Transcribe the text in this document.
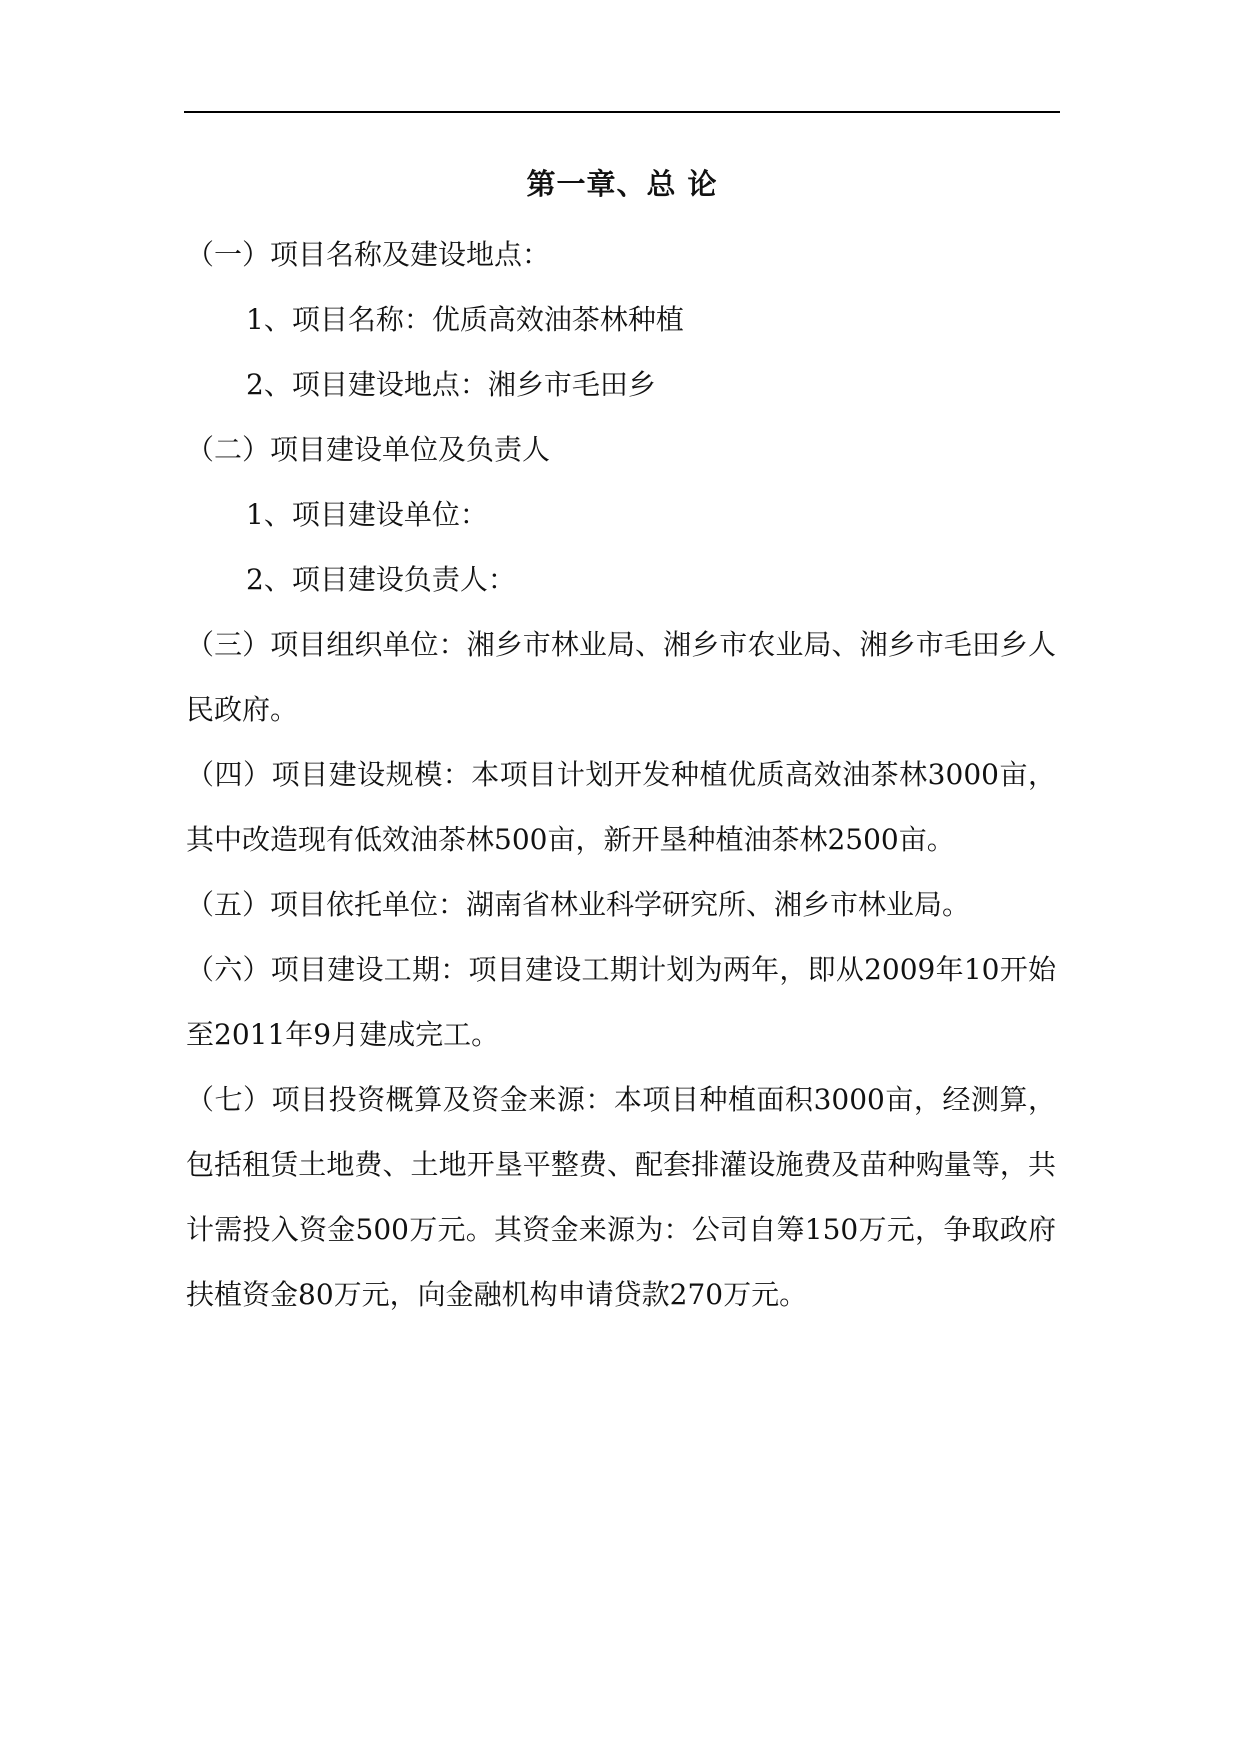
第一章、总 论

（一）项目名称及建设地点：

1、项目名称：优质高效油茶林种植

2、项目建设地点：湘乡市毛田乡

（二）项目建设单位及负责人

1、项目建设单位：

2、项目建设负责人：

（三）项目组织单位：湘乡市林业局、湘乡市农业局、湘乡市毛田乡人民政府。

（四）项目建设规模：本项目计划开发种植优质高效油茶林3000亩，其中改造现有低效油茶林500亩，新开垦种植油茶林2500亩。

（五）项目依托单位：湖南省林业科学研究所、湘乡市林业局。

（六）项目建设工期：项目建设工期计划为两年，即从2009年10开始至2011年9月建成完工。

（七）项目投资概算及资金来源：本项目种植面积3000亩，经测算，包括租赁土地费、土地开垦平整费、配套排灌设施费及苗种购量等，共计需投入资金500万元。其资金来源为：公司自筹150万元，争取政府扶植资金80万元，向金融机构申请贷款270万元。
